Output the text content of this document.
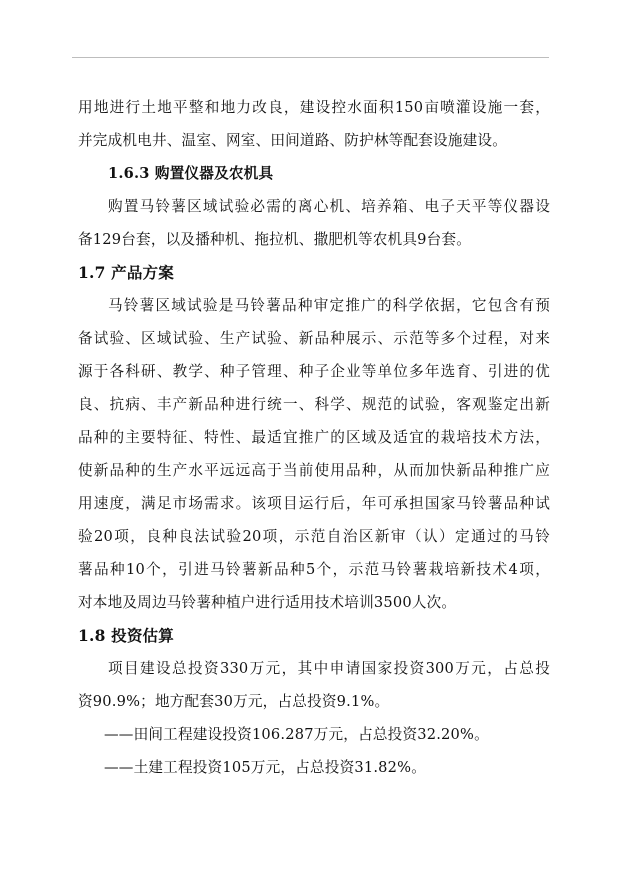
用地进行土地平整和地力改良，建设控水面积150亩喷灌设施一套，
并完成机电井、温室、网室、田间道路、防护林等配套设施建设。
1.6.3 购置仪器及农机具
购置马铃薯区域试验必需的离心机、培养箱、电子天平等仪器设
备129台套，以及播种机、拖拉机、撒肥机等农机具9台套。
1.7 产品方案
马铃薯区域试验是马铃薯品种审定推广的科学依据，它包含有预
备试验、区域试验、生产试验、新品种展示、示范等多个过程，对来
源于各科研、教学、种子管理、种子企业等单位多年选育、引进的优
良、抗病、丰产新品种进行统一、科学、规范的试验，客观鉴定出新
品种的主要特征、特性、最适宜推广的区域及适宜的栽培技术方法，
使新品种的生产水平远远高于当前使用品种，从而加快新品种推广应
用速度，满足市场需求。该项目运行后，年可承担国家马铃薯品种试
验20项，良种良法试验20项，示范自治区新审（认）定通过的马铃
薯品种10个，引进马铃薯新品种5个，示范马铃薯栽培新技术4项，
对本地及周边马铃薯种植户进行适用技术培训3500人次。
1.8 投资估算
项目建设总投资330万元，其中申请国家投资300万元，占总投
资90.9%；地方配套30万元，占总投资9.1%。
——田间工程建设投资106.287万元，占总投资32.20%。
——土建工程投资105万元，占总投资31.82%。
